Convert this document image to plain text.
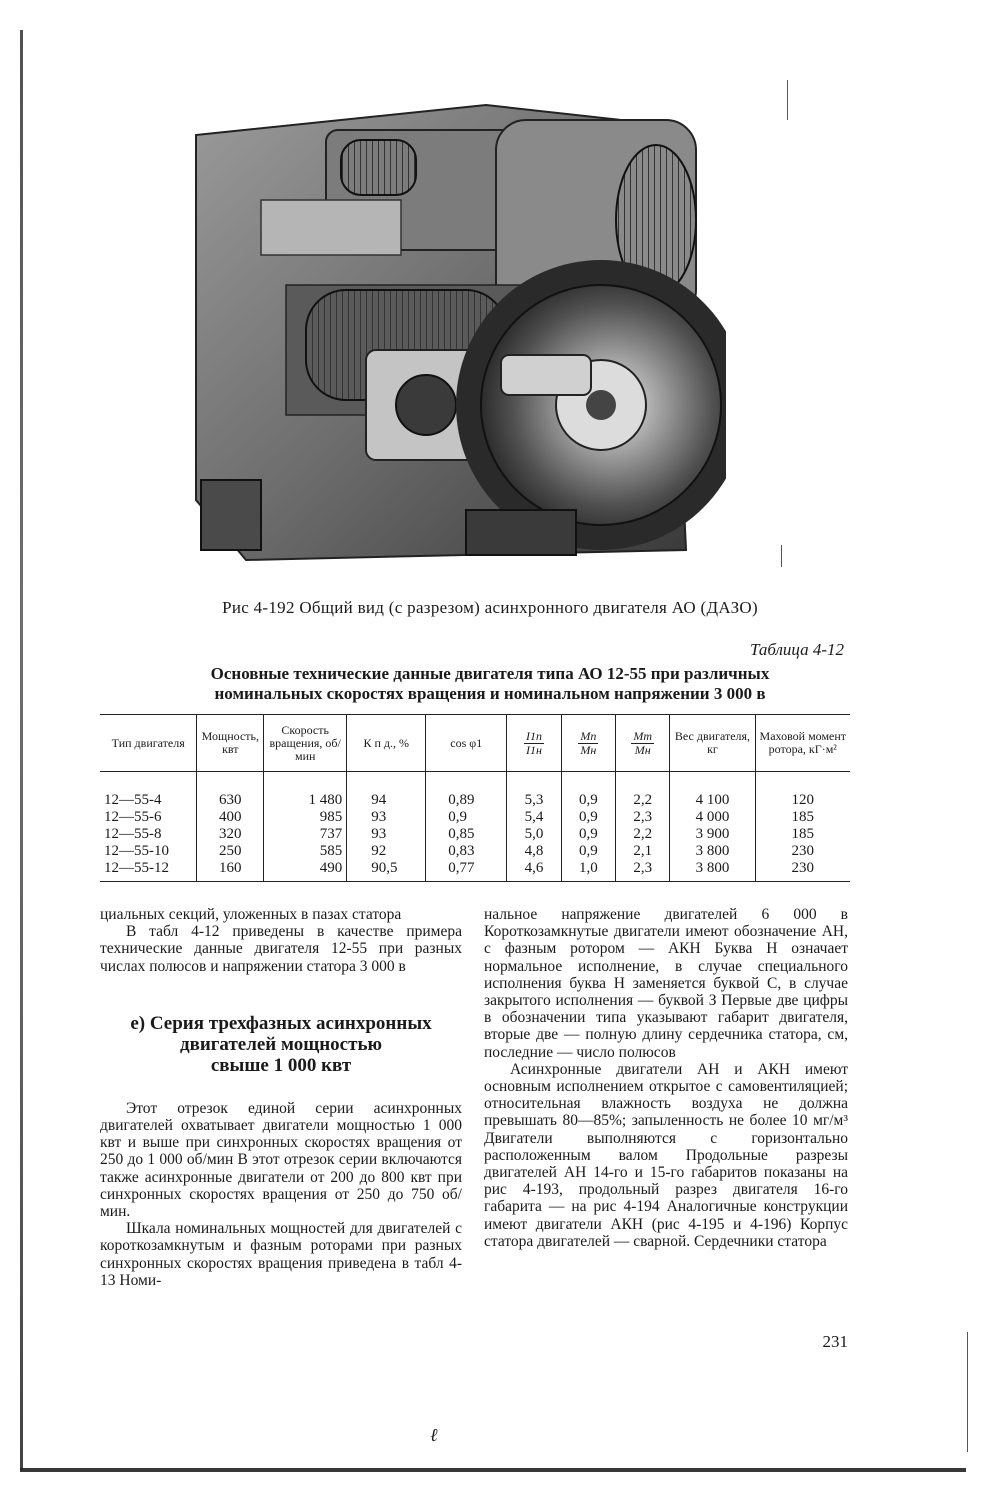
Рис 4-192 Общий вид (с разрезом) асинхронного двигателя АО (ДАЗО)
Таблица 4-12
Основные технические данные двигателя типа АО 12-55 при различных
номинальных скоростях вращения и номинальном напряжении 3 000 в
Тип двигателя	Мощность, квт	Скорость вращения, об/мин	К п д., %	cos φ1	$\frac{I1п}{I1н}$	$\frac{Мп}{Мн}$	$\frac{Мm}{Мн}$	Вес двигателя, кг	Маховой момент ротора, кГ·м²
12—55-4	630	1 480	94	0,89	5,3	0,9	2,2	4 100	120
12—55-6	400	985	93	0,9	5,4	0,9	2,3	4 000	185
12—55-8	320	737	93	0,85	5,0	0,9	2,2	3 900	185
12—55-10	250	585	92	0,83	4,8	0,9	2,1	3 800	230
12—55-12	160	490	90,5	0,77	4,6	1,0	2,3	3 800	230

циальных секций, уложенных в пазах статора

В табл 4-12 приведены в качестве примера технические данные двигателя 12-55 при разных числах полюсов и напряжении статора 3 000 в

е) Серия трехфазных асинхронных
двигателей мощностью
свыше 1 000 квт

Этот отрезок единой серии асинхронных двигателей охватывает двигатели мощностью 1 000 квт и выше при синхронных скоростях вращения от 250 до 1 000 об/мин В этот отрезок серии включаются также асинхронные двигатели от 200 до 800 квт при синхронных скоростях вращения от 250 до 750 об/мин.

Шкала номинальных мощностей для двигателей с короткозамкнутым и фазным роторами при разных синхронных скоростях вращения приведена в табл 4-13 Номи-

нальное напряжение двигателей 6 000 в Короткозамкнутые двигатели имеют обозначение АН, с фазным ротором — АКН Буква Н означает нормальное исполнение, в случае специального исполнения буква Н заменяется буквой С, в случае закрытого исполнения — буквой З Первые две цифры в обозначении типа указывают габарит двигателя, вторые две — полную длину сердечника статора, см, последние — число полюсов

Асинхронные двигатели АН и АКН имеют основным исполнением открытое с самовентиляцией; относительная влажность воздуха не должна превышать 80—85%; запыленность не более 10 мг/м³ Двигатели выполняются с горизонтально расположенным валом Продольные разрезы двигателей АН 14-го и 15-го габаритов показаны на рис 4-193, продольный разрез двигателя 16-го габарита — на рис 4-194 Аналогичные конструкции имеют двигатели АКН (рис 4-195 и 4-196) Корпус статора двигателей — сварной. Сердечники статора

231
ℓ
